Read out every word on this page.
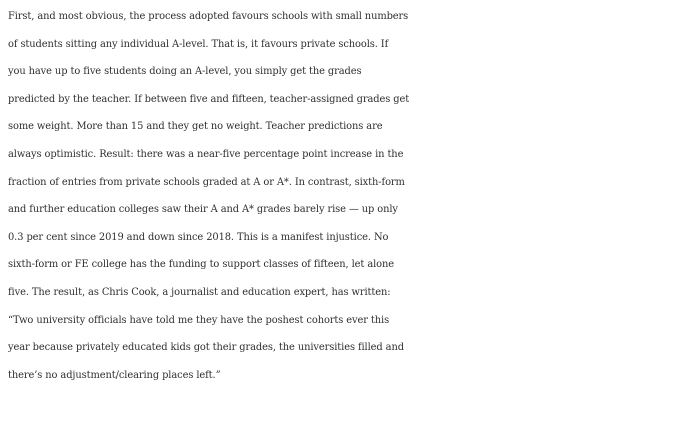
First, and most obvious, the process adopted favours schools with small numbers
of students sitting any individual A-level. That is, it favours private schools. If
you have up to five students doing an A-level, you simply get the grades
predicted by the teacher. If between five and fifteen, teacher-assigned grades get
some weight. More than 15 and they get no weight. Teacher predictions are
always optimistic. Result: there was a near-five percentage point increase in the
fraction of entries from private schools graded at A or A*. In contrast, sixth-form
and further education colleges saw their A and A* grades barely rise — up only
0.3 per cent since 2019 and down since 2018. This is a manifest injustice. No
sixth-form or FE college has the funding to support classes of fifteen, let alone
five. The result, as Chris Cook, a journalist and education expert, has written:
“Two university officials have told me they have the poshest cohorts ever this
year because privately educated kids got their grades, the universities filled and
there’s no adjustment/clearing places left.”
